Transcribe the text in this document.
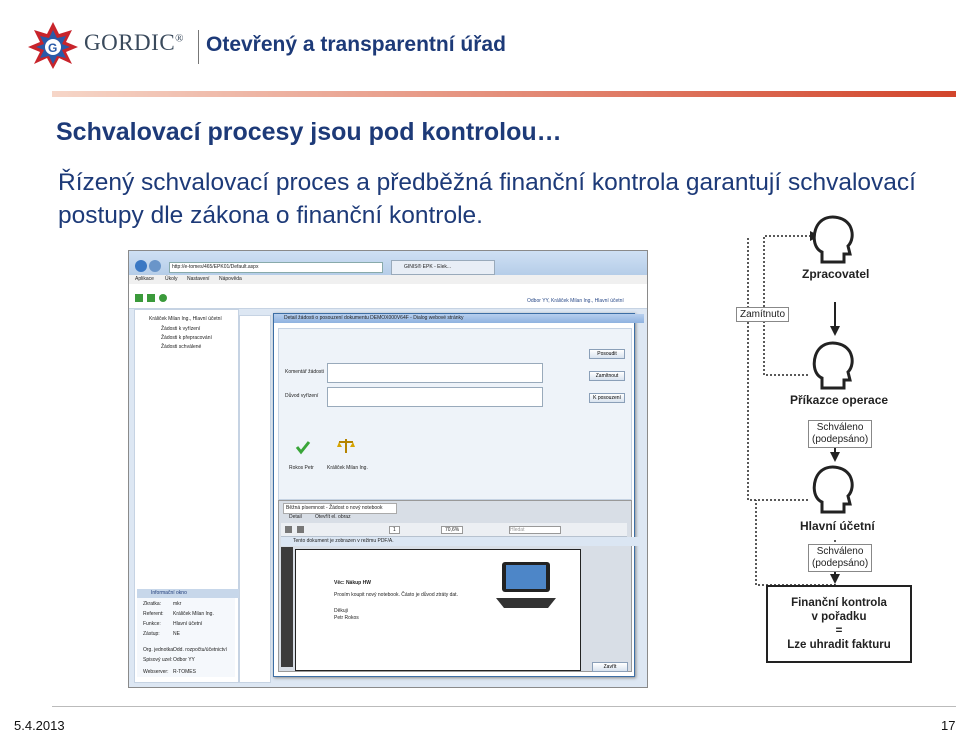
G GORDIC® Otevřený a transparentní úřad
Schvalovací procesy jsou pod kontrolou…
Řízený schvalovací proces a předběžná finanční kontrola garantují schvalovací postupy dle zákona o finanční kontrole.
http://e-tomes/465/EPK01/Default.aspx	GINIS® EPK - Elek...
Aplikace Úkoly Nastavení Nápověda
Odbor YY, Králiček Milan Ing., Hlavní účetní
Králiček Milan Ing., Hlavní účetní
Žádosti k vyřízení
Žádosti k přepracování
Žádosti schválené
Informační okno
Zkratka: mkr
Referent: Králiček Milan Ing.
Funkce: Hlavní účetní
Zástup:	NE
Org. jednotka:Odd. rozpočtu/účetnictví
Spisový uzel:Odbor YY
Webserver: R-TOMES
Detail žádosti o posouzení dokumentu DEMOX000V64F - Dialog webové stránky
Komentář žádosti
Důvod vyřízení
Posoudit
Zamítnout
K posouzení
Rokos Petr	Králiček Milan Ing.
Běžná písemnost - Žádost o nový notebook
Detail	Otevřít el. obraz
1	70,6%	Hledat
Tento dokument je zobrazen v režimu PDF/A.
Věc: Nákup HW
Prosím koupit nový notebook. Částo je důvod ztráty dat.
Děkuji
Petr Rokos
Zavřít
Zpracovatel
Zamítnuto
Příkazce operace
Schváleno
(podepsáno)
Hlavní účetní
Schváleno
(podepsáno)
Finanční kontrola
v pořadku
=
Lze uhradit fakturu
5.4.2013	17
